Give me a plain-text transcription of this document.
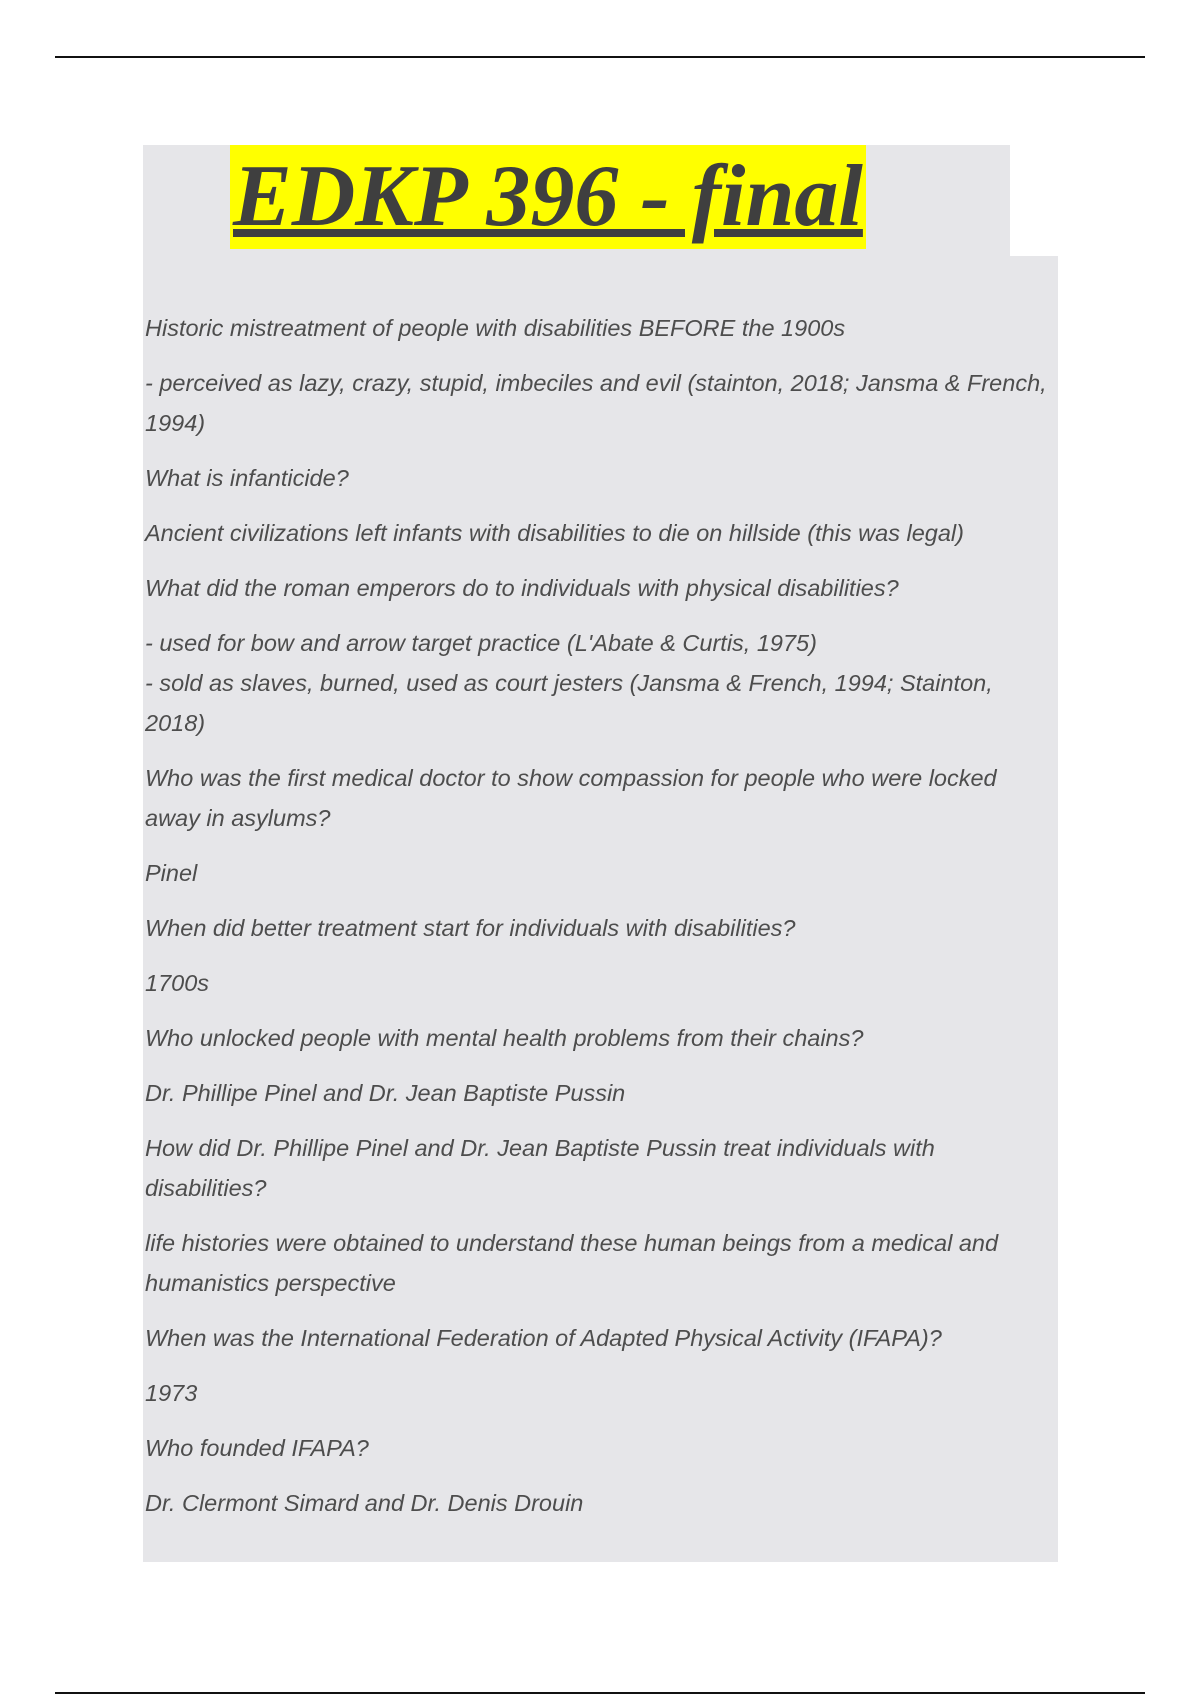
EDKP 396 - final

Historic mistreatment of people with disabilities BEFORE the 1900s

- perceived as lazy, crazy, stupid, imbeciles and evil (stainton, 2018; Jansma & French, 1994)

What is infanticide?

Ancient civilizations left infants with disabilities to die on hillside (this was legal)

What did the roman emperors do to individuals with physical disabilities?

- used for bow and arrow target practice (L'Abate & Curtis, 1975)
- sold as slaves, burned, used as court jesters (Jansma & French, 1994; Stainton, 2018)

Who was the first medical doctor to show compassion for people who were locked away in asylums?

Pinel

When did better treatment start for individuals with disabilities?

1700s

Who unlocked people with mental health problems from their chains?

Dr. Phillipe Pinel and Dr. Jean Baptiste Pussin

How did Dr. Phillipe Pinel and Dr. Jean Baptiste Pussin treat individuals with disabilities?

life histories were obtained to understand these human beings from a medical and humanistics perspective

When was the International Federation of Adapted Physical Activity (IFAPA)?

1973

Who founded IFAPA?

Dr. Clermont Simard and Dr. Denis Drouin
